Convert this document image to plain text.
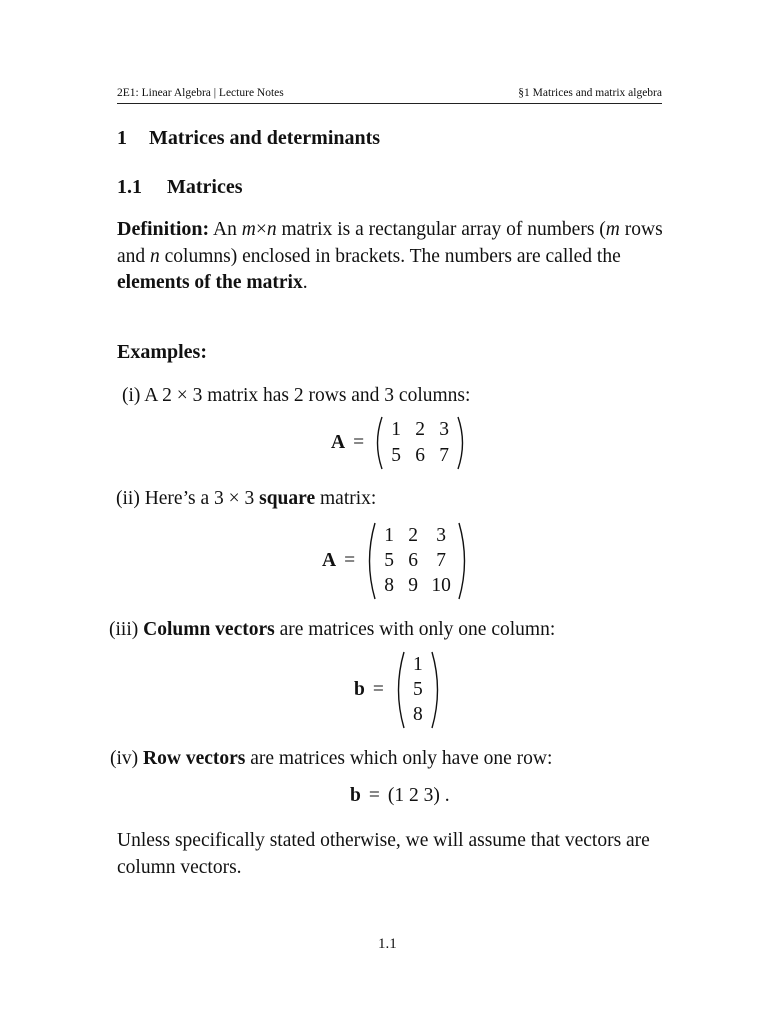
2E1: Linear Algebra | Lecture Notes	§1 Matrices and matrix algebra
1 Matrices and determinants
1.1 Matrices
Definition: An m×n matrix is a rectangular array of numbers (m rows and n columns) enclosed in brackets. The numbers are called the elements of the matrix.
Examples:
(i) A 2 × 3 matrix has 2 rows and 3 columns:
A =
1 2 3
5 6 7
(ii) Here’s a 3 × 3 square matrix:
A =
1 2 3
5 6 7
8 9 10
(iii) Column vectors are matrices with only one column:
b =
1
5
8
(iv) Row vectors are matrices which only have one row:
b = (1 2 3) .
Unless specifically stated otherwise, we will assume that vectors are column vectors.
1.1
